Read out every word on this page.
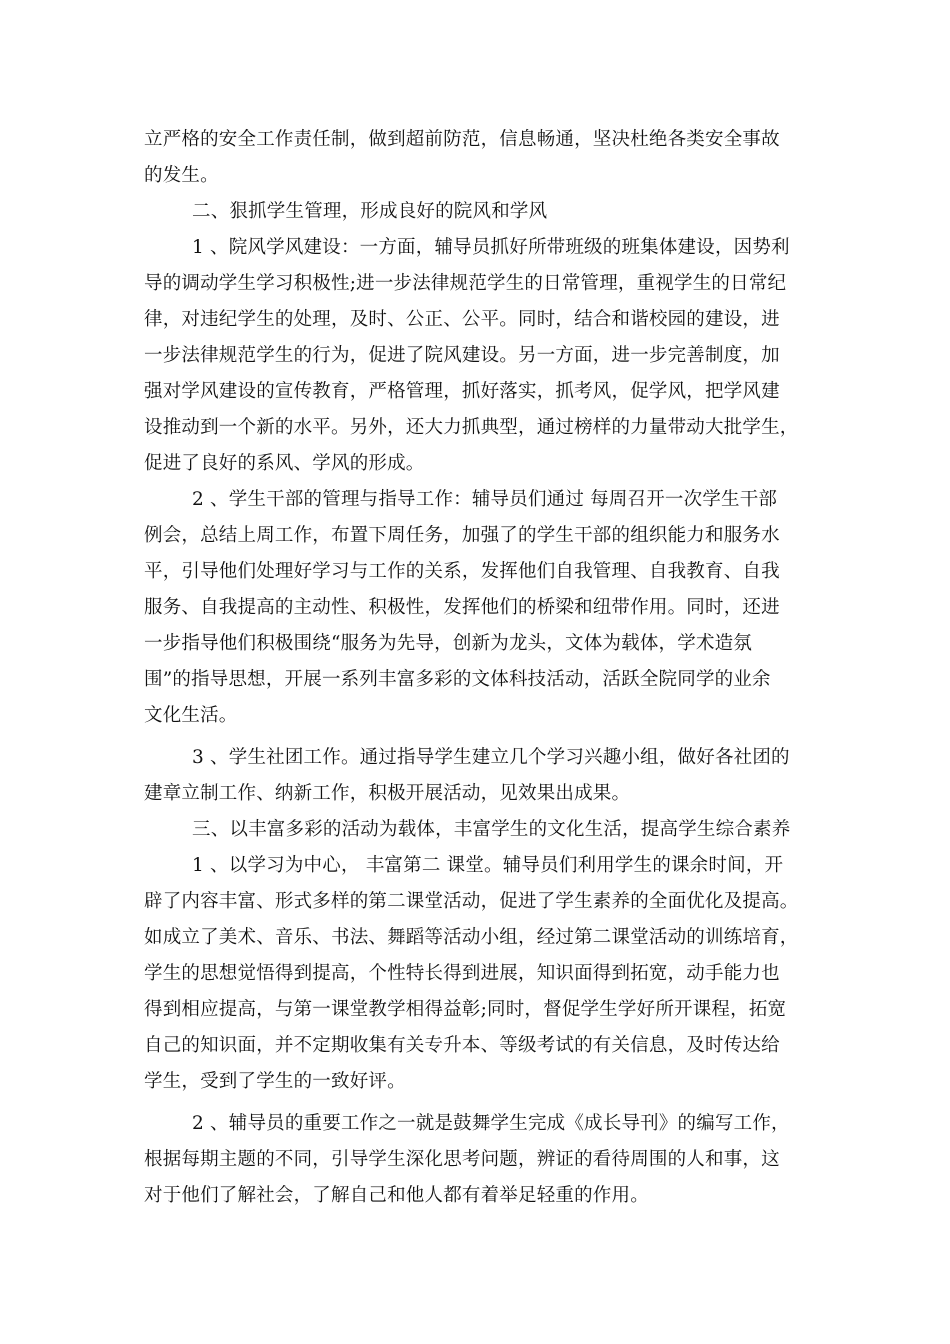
立严格的安全工作责任制，做到超前防范，信息畅通，坚决杜绝各类安全事故
的发生。
二、狠抓学生管理，形成良好的院风和学风
1 、院风学风建设：一方面，辅导员抓好所带班级的班集体建设，因势利
导的调动学生学习积极性;进一步法律规范学生的日常管理，重视学生的日常纪
律，对违纪学生的处理，及时、公正、公平。同时，结合和谐校园的建设，进
一步法律规范学生的行为，促进了院风建设。另一方面，进一步完善制度，加
强对学风建设的宣传教育，严格管理，抓好落实，抓考风，促学风，把学风建
设推动到一个新的水平。另外，还大力抓典型，通过榜样的力量带动大批学生，
促进了良好的系风、学风的形成。
2 、学生干部的管理与指导工作：辅导员们通过 每周召开一次学生干部
例会，总结上周工作，布置下周任务，加强了的学生干部的组织能力和服务水
平，引导他们处理好学习与工作的关系，发挥他们自我管理、自我教育、自我
服务、自我提高的主动性、积极性，发挥他们的桥梁和纽带作用。同时，还进
一步指导他们积极围绕“服务为先导，创新为龙头，文体为载体，学术造氛
围”的指导思想，开展一系列丰富多彩的文体科技活动，活跃全院同学的业余
文化生活。
3 、学生社团工作。通过指导学生建立几个学习兴趣小组，做好各社团的
建章立制工作、纳新工作，积极开展活动，见效果出成果。
三、以丰富多彩的活动为载体，丰富学生的文化生活，提高学生综合素养
1 、以学习为中心， 丰富第二 课堂。辅导员们利用学生的课余时间，开
辟了内容丰富、形式多样的第二课堂活动，促进了学生素养的全面优化及提高。
如成立了美术、音乐、书法、舞蹈等活动小组，经过第二课堂活动的训练培育，
学生的思想觉悟得到提高，个性特长得到进展，知识面得到拓宽，动手能力也
得到相应提高，与第一课堂教学相得益彰;同时，督促学生学好所开课程，拓宽
自己的知识面，并不定期收集有关专升本、等级考试的有关信息，及时传达给
学生，受到了学生的一致好评。
2 、辅导员的重要工作之一就是鼓舞学生完成《成长导刊》的编写工作，
根据每期主题的不同，引导学生深化思考问题，辨证的看待周围的人和事，这
对于他们了解社会，了解自己和他人都有着举足轻重的作用。
